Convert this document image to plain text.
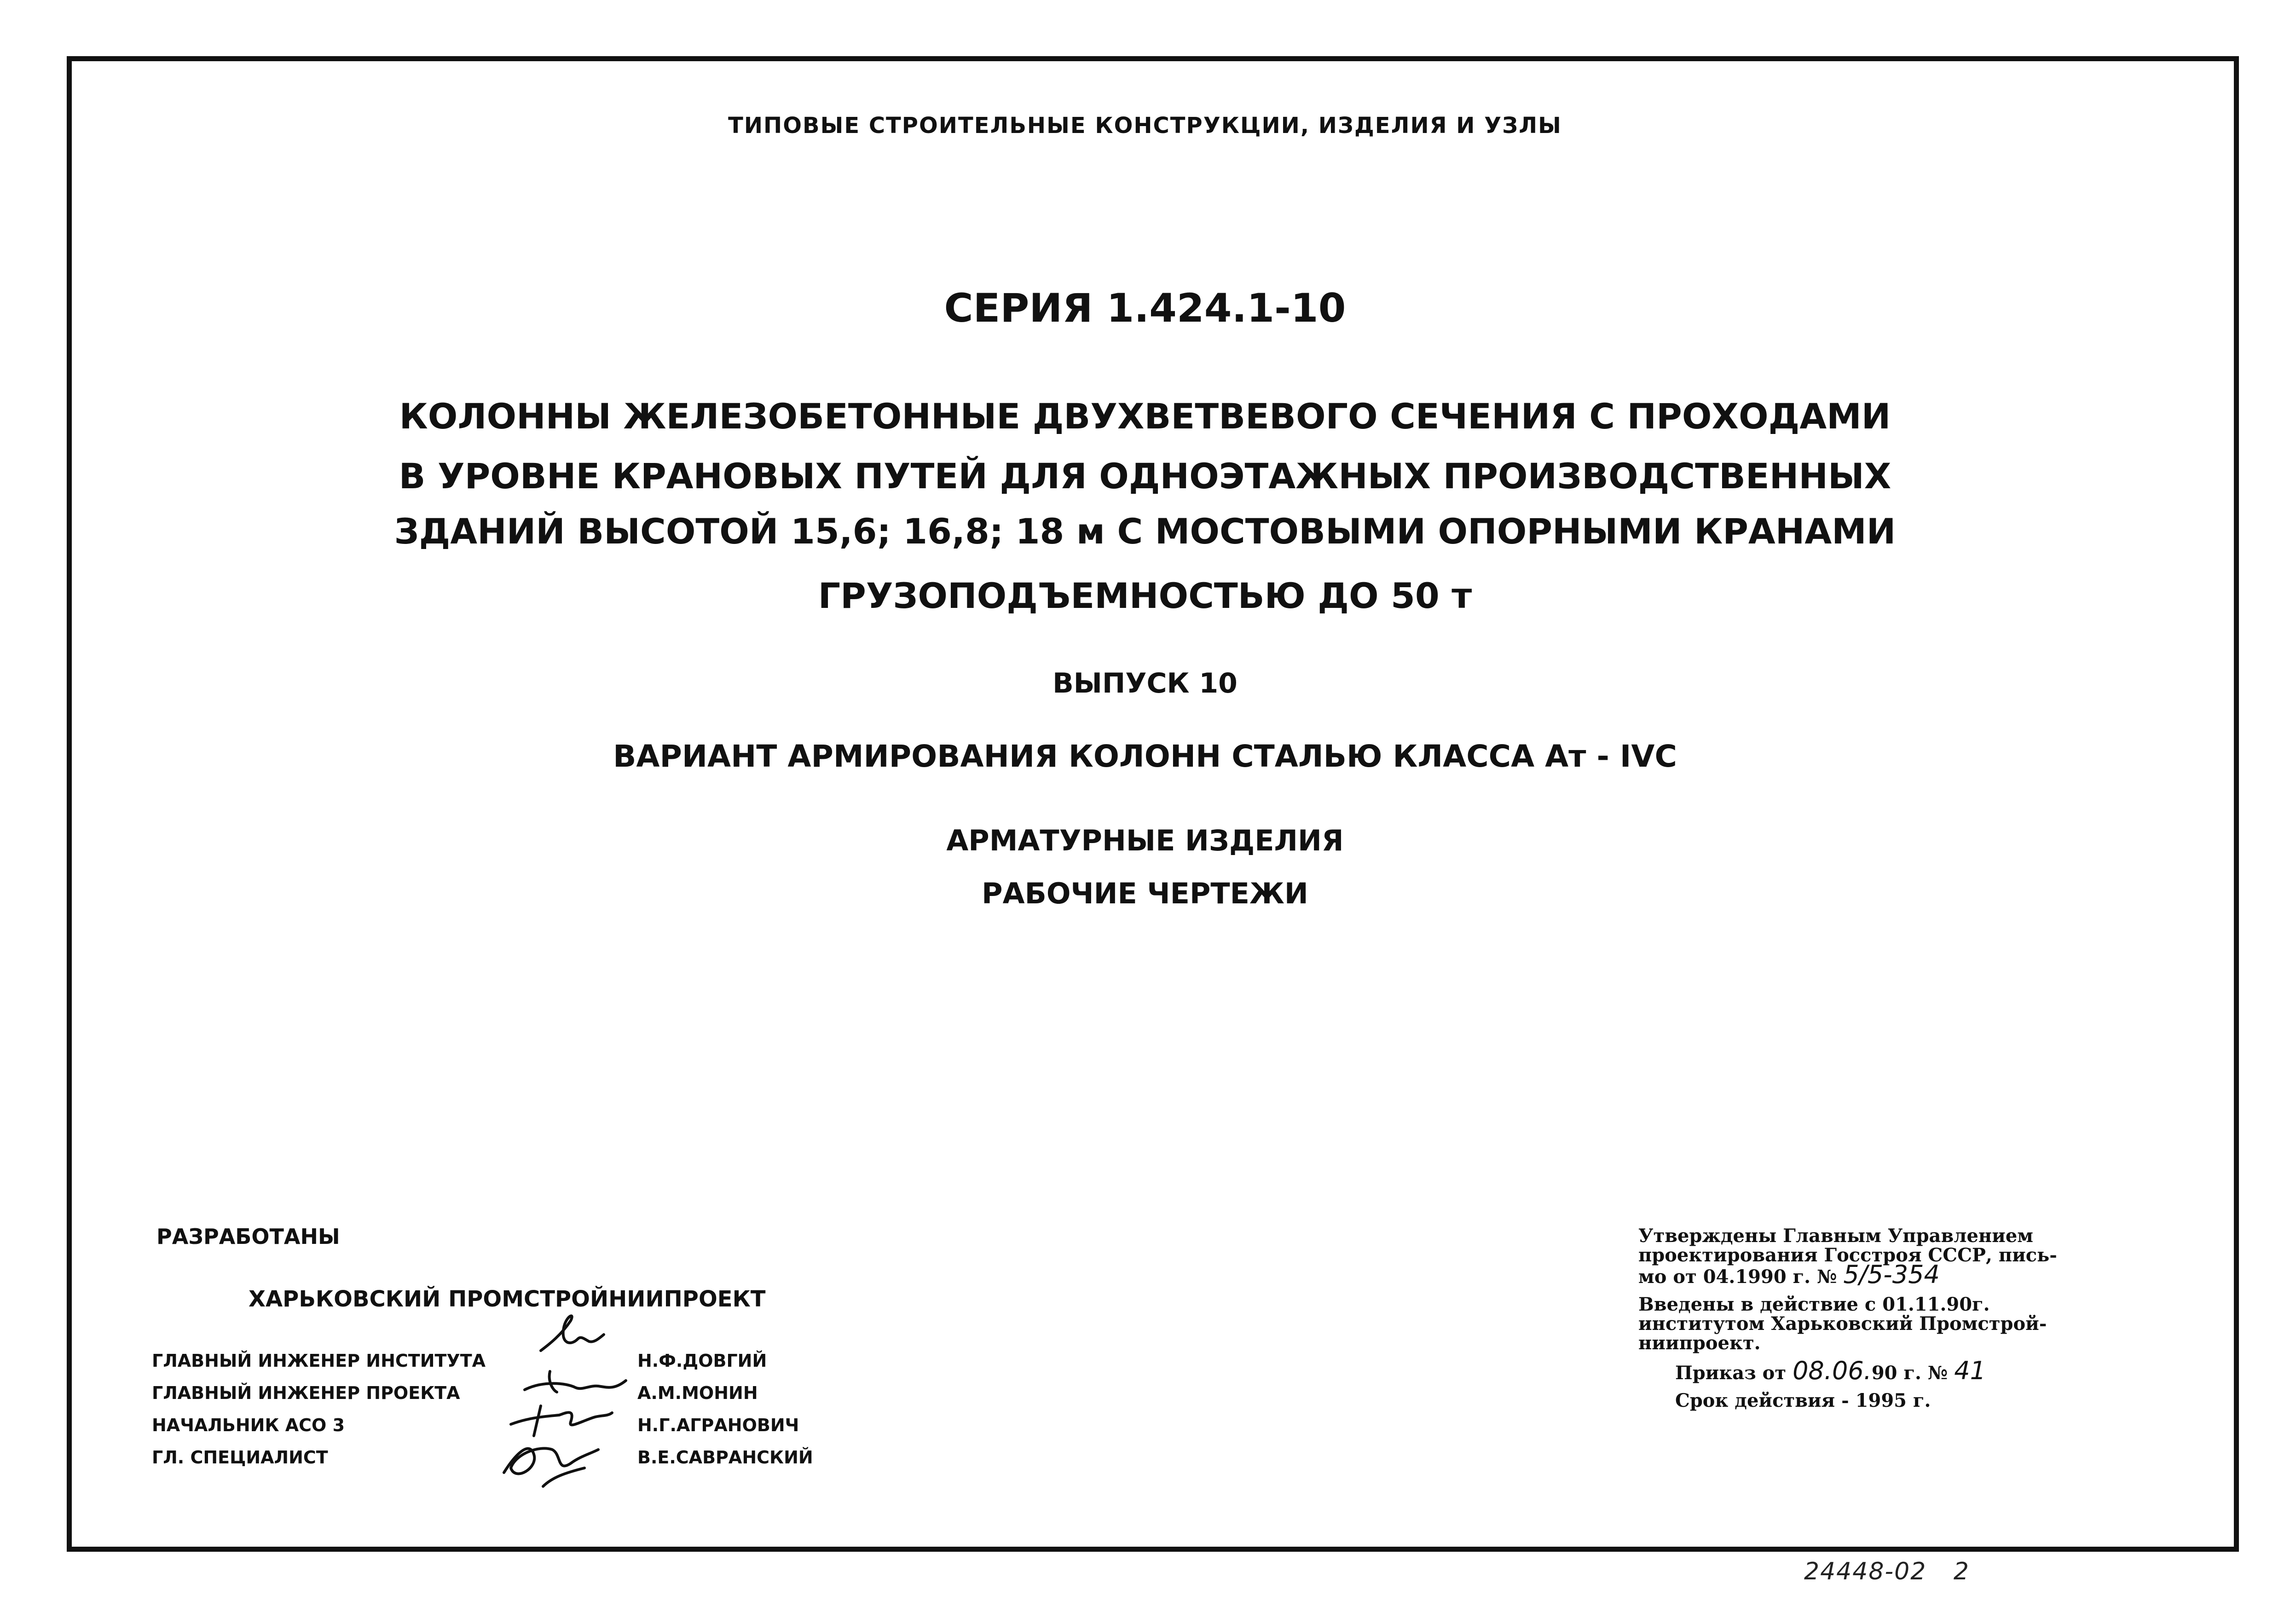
ТИПОВЫЕ СТРОИТЕЛЬНЫЕ КОНСТРУКЦИИ, ИЗДЕЛИЯ И УЗЛЫ
СЕРИЯ 1.424.1-10
КОЛОННЫ ЖЕЛЕЗОБЕТОННЫЕ ДВУХВЕТВЕВОГО СЕЧЕНИЯ С ПРОХОДАМИ
В УРОВНЕ КРАНОВЫХ ПУТЕЙ ДЛЯ ОДНОЭТАЖНЫХ ПРОИЗВОДСТВЕННЫХ
ЗДАНИЙ ВЫСОТОЙ 15,6; 16,8; 18 м С МОСТОВЫМИ ОПОРНЫМИ КРАНАМИ
ГРУЗОПОДЪЕМНОСТЬЮ ДО 50 т
ВЫПУСК 10
ВАРИАНТ АРМИРОВАНИЯ КОЛОНН СТАЛЬЮ КЛАССА Ат - IVС
АРМАТУРНЫЕ ИЗДЕЛИЯ
РАБОЧИЕ ЧЕРТЕЖИ
РАЗРАБОТАНЫ
ХАРЬКОВСКИЙ ПРОМСТРОЙНИИПРОЕКТ
ГЛАВНЫЙ ИНЖЕНЕР ИНСТИТУТА	Н.Ф.ДОВГИЙ
ГЛАВНЫЙ ИНЖЕНЕР ПРОЕКТА	А.М.МОНИН
НАЧАЛЬНИК АСО 3	Н.Г.АГРАНОВИЧ
ГЛ. СПЕЦИАЛИСТ	В.Е.САВРАНСКИЙ
Утверждены Главным Управлением
проектирования Госстроя СССР, пись-
мо от 04.1990 г. № 5/5-354
Введены в действие с 01.11.90г.
институтом Харьковский Промстрой-
ниипроект.
Приказ от 08.06.90 г. № 41
Срок действия - 1995 г.
24448-02 2
